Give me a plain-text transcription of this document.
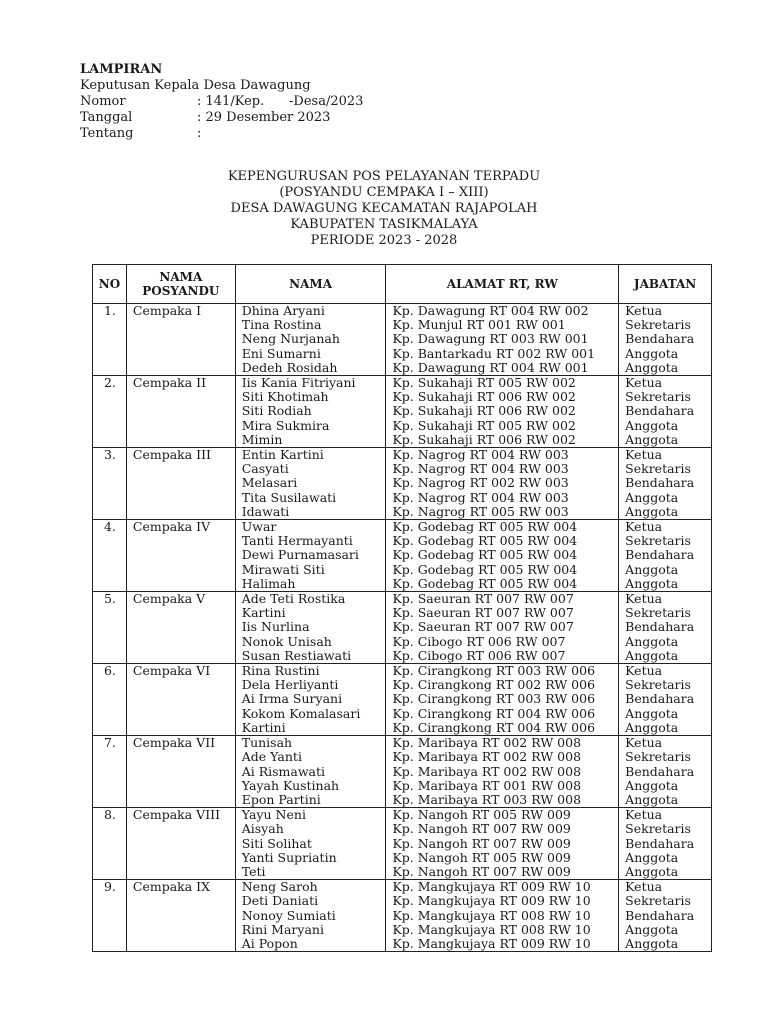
LAMPIRAN
Keputusan Kepala Desa Dawagung
Nomor	: 141/Kep.      -Desa/2023
Tanggal	: 29 Desember 2023
Tentang	:
KEPENGURUSAN POS PELAYANAN TERPADU
(POSYANDU CEMPAKA I – XIII)
DESA DAWAGUNG KECAMATAN RAJAPOLAH
KABUPATEN TASIKMALAYA
PERIODE 2023 - 2028
NO	NAMA POSYANDU	NAMA	ALAMAT RT, RW	JABATAN
1.	Cempaka I	Dhina Aryani	Kp. Dawagung RT 004 RW 002	Ketua
		Tina Rostina	Kp. Munjul RT 001 RW 001	Sekretaris
		Neng Nurjanah	Kp. Dawagung RT 003 RW 001	Bendahara
		Eni Sumarni	Kp. Bantarkadu RT 002 RW 001	Anggota
		Dedeh Rosidah	Kp. Dawagung RT 004 RW 001	Anggota
2.	Cempaka II	Iis Kania Fitriyani	Kp. Sukahaji RT 005 RW 002	Ketua
		Siti Khotimah	Kp. Sukahaji RT 006 RW 002	Sekretaris
		Siti Rodiah	Kp. Sukahaji RT 006 RW 002	Bendahara
		Mira Sukmira	Kp. Sukahaji RT 005 RW 002	Anggota
		Mimin	Kp. Sukahaji RT 006 RW 002	Anggota
3.	Cempaka III	Entin Kartini	Kp. Nagrog RT 004 RW 003	Ketua
		Casyati	Kp. Nagrog RT 004 RW 003	Sekretaris
		Melasari	Kp. Nagrog RT 002 RW 003	Bendahara
		Tita Susilawati	Kp. Nagrog RT 004 RW 003	Anggota
		Idawati	Kp. Nagrog RT 005 RW 003	Anggota
4.	Cempaka IV	Uwar	Kp. Godebag RT 005 RW 004	Ketua
		Tanti Hermayanti	Kp. Godebag RT 005 RW 004	Sekretaris
		Dewi Purnamasari	Kp. Godebag RT 005 RW 004	Bendahara
		Mirawati Siti	Kp. Godebag RT 005 RW 004	Anggota
		Halimah	Kp. Godebag RT 005 RW 004	Anggota
5.	Cempaka V	Ade Teti Rostika	Kp. Saeuran RT 007 RW 007	Ketua
		Kartini	Kp. Saeuran RT 007 RW 007	Sekretaris
		Iis Nurlina	Kp. Saeuran RT 007 RW 007	Bendahara
		Nonok Unisah	Kp. Cibogo RT 006 RW 007	Anggota
		Susan Restiawati	Kp. Cibogo RT 006 RW 007	Anggota
6.	Cempaka VI	Rina Rustini	Kp. Cirangkong RT 003 RW 006	Ketua
		Dela Herliyanti	Kp. Cirangkong RT 002 RW 006	Sekretaris
		Ai Irma Suryani	Kp. Cirangkong RT 003 RW 006	Bendahara
		Kokom Komalasari	Kp. Cirangkong RT 004 RW 006	Anggota
		Kartini	Kp. Cirangkong RT 004 RW 006	Anggota
7.	Cempaka VII	Tunisah	Kp. Maribaya RT 002 RW 008	Ketua
		Ade Yanti	Kp. Maribaya RT 002 RW 008	Sekretaris
		Ai Rismawati	Kp. Maribaya RT 002 RW 008	Bendahara
		Yayah Kustinah	Kp. Maribaya RT 001 RW 008	Anggota
		Epon Partini	Kp. Maribaya RT 003 RW 008	Anggota
8.	Cempaka VIII	Yayu Neni	Kp. Nangoh RT 005 RW 009	Ketua
		Aisyah	Kp. Nangoh RT 007 RW 009	Sekretaris
		Siti Solihat	Kp. Nangoh RT 007 RW 009	Bendahara
		Yanti Supriatin	Kp. Nangoh RT 005 RW 009	Anggota
		Teti	Kp. Nangoh RT 007 RW 009	Anggota
9.	Cempaka IX	Neng Saroh	Kp. Mangkujaya RT 009 RW 10	Ketua
		Deti Daniati	Kp. Mangkujaya RT 009 RW 10	Sekretaris
		Nonoy Sumiati	Kp. Mangkujaya RT 008 RW 10	Bendahara
		Rini Maryani	Kp. Mangkujaya RT 008 RW 10	Anggota
		Ai Popon	Kp. Mangkujaya RT 009 RW 10	Anggota
